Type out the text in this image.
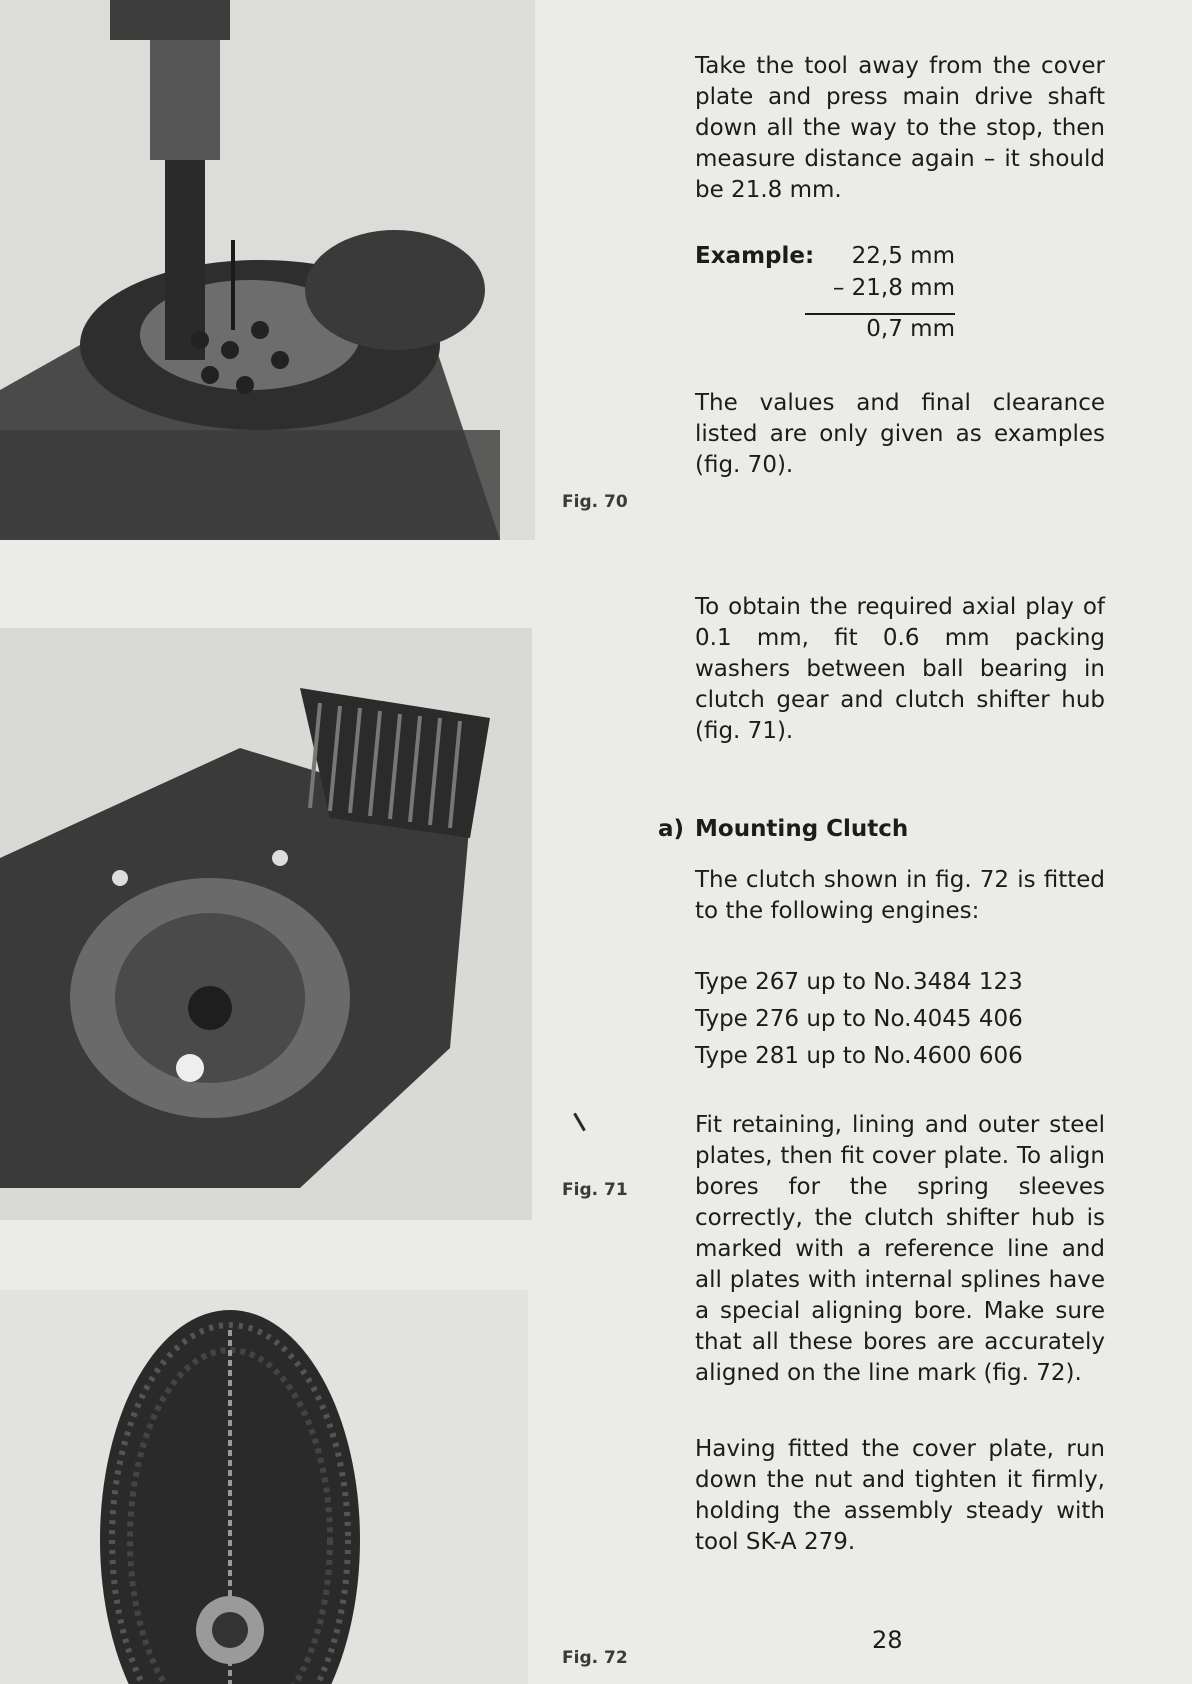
Fig. 70
Fig. 71
Fig. 72
Take the tool away from the cover plate and press main drive shaft down all the way to the stop, then measure distance again – it should be 21.8 mm.
Example: 22,5 mm
– 21,8 mm
0,7 mm
The values and final clearance listed are only given as examples (fig. 70).
To obtain the required axial play of 0.1 mm, fit 0.6 mm packing washers between ball bearing in clutch gear and clutch shifter hub (fig. 71).
a) Mounting Clutch
The clutch shown in fig. 72 is fitted to the following engines:
Type 267 up to No.3484 123
Type 276 up to No.4045 406
Type 281 up to No.4600 606
Fit retaining, lining and outer steel plates, then fit cover plate. To align bores for the spring sleeves correctly, the clutch shifter hub is marked with a reference line and all plates with internal splines have a special aligning bore. Make sure that all these bores are accurately aligned on the line mark (fig. 72).
Having fitted the cover plate, run down the nut and tighten it firmly, holding the assembly steady with tool SK-A 279.
28
